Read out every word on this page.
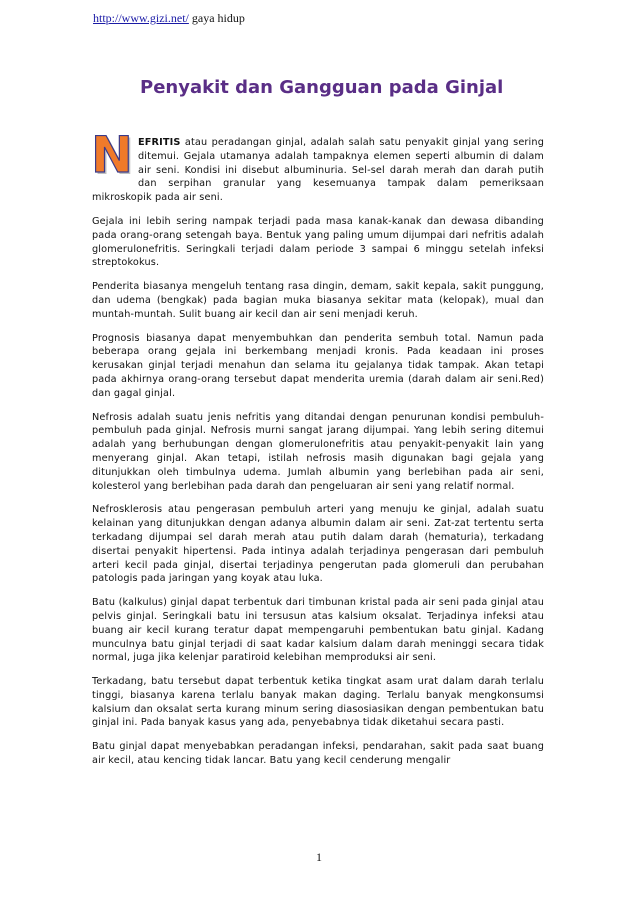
http://www.gizi.net/ gaya hidup
Penyakit dan Gangguan pada Ginjal

NEFRITIS atau peradangan ginjal, adalah salah satu penyakit ginjal yang sering ditemui. Gejala utamanya adalah tampaknya elemen seperti albumin di dalam air seni. Kondisi ini disebut albuminuria. Sel-sel darah merah dan darah putih dan serpihan granular yang kesemuanya tampak dalam pemeriksaan mikroskopik pada air seni.

Gejala ini lebih sering nampak terjadi pada masa kanak-kanak dan dewasa dibanding pada orang-orang setengah baya. Bentuk yang paling umum dijumpai dari nefritis adalah glomerulonefritis. Seringkali terjadi dalam periode 3 sampai 6 minggu setelah infeksi streptokokus.

Penderita biasanya mengeluh tentang rasa dingin, demam, sakit kepala, sakit punggung, dan udema (bengkak) pada bagian muka biasanya sekitar mata (kelopak), mual dan muntah-muntah. Sulit buang air kecil dan air seni menjadi keruh.

Prognosis biasanya dapat menyembuhkan dan penderita sembuh total. Namun pada beberapa orang gejala ini berkembang menjadi kronis. Pada keadaan ini proses kerusakan ginjal terjadi menahun dan selama itu gejalanya tidak tampak. Akan tetapi pada akhirnya orang-orang tersebut dapat menderita uremia (darah dalam air seni.Red) dan gagal ginjal.

Nefrosis adalah suatu jenis nefritis yang ditandai dengan penurunan kondisi pembuluh-pembuluh pada ginjal. Nefrosis murni sangat jarang dijumpai. Yang lebih sering ditemui adalah yang berhubungan dengan glomerulonefritis atau penyakit-penyakit lain yang menyerang ginjal. Akan tetapi, istilah nefrosis masih digunakan bagi gejala yang ditunjukkan oleh timbulnya udema. Jumlah albumin yang berlebihan pada air seni, kolesterol yang berlebihan pada darah dan pengeluaran air seni yang relatif normal.

Nefrosklerosis atau pengerasan pembuluh arteri yang menuju ke ginjal, adalah suatu kelainan yang ditunjukkan dengan adanya albumin dalam air seni. Zat-zat tertentu serta terkadang dijumpai sel darah merah atau putih dalam darah (hematuria), terkadang disertai penyakit hipertensi. Pada intinya adalah terjadinya pengerasan dari pembuluh arteri kecil pada ginjal, disertai terjadinya pengerutan pada glomeruli dan perubahan patologis pada jaringan yang koyak atau luka.

Batu (kalkulus) ginjal dapat terbentuk dari timbunan kristal pada air seni pada ginjal atau pelvis ginjal. Seringkali batu ini tersusun atas kalsium oksalat. Terjadinya infeksi atau buang air kecil kurang teratur dapat mempengaruhi pembentukan batu ginjal. Kadang munculnya batu ginjal terjadi di saat kadar kalsium dalam darah meninggi secara tidak normal, juga jika kelenjar paratiroid kelebihan memproduksi air seni.

Terkadang, batu tersebut dapat terbentuk ketika tingkat asam urat dalam darah terlalu tinggi, biasanya karena terlalu banyak makan daging. Terlalu banyak mengkonsumsi kalsium dan oksalat serta kurang minum sering diasosiasikan dengan pembentukan batu ginjal ini. Pada banyak kasus yang ada, penyebabnya tidak diketahui secara pasti.

Batu ginjal dapat menyebabkan peradangan infeksi, pendarahan, sakit pada saat buang air kecil, atau kencing tidak lancar. Batu yang kecil cenderung mengalir

1
